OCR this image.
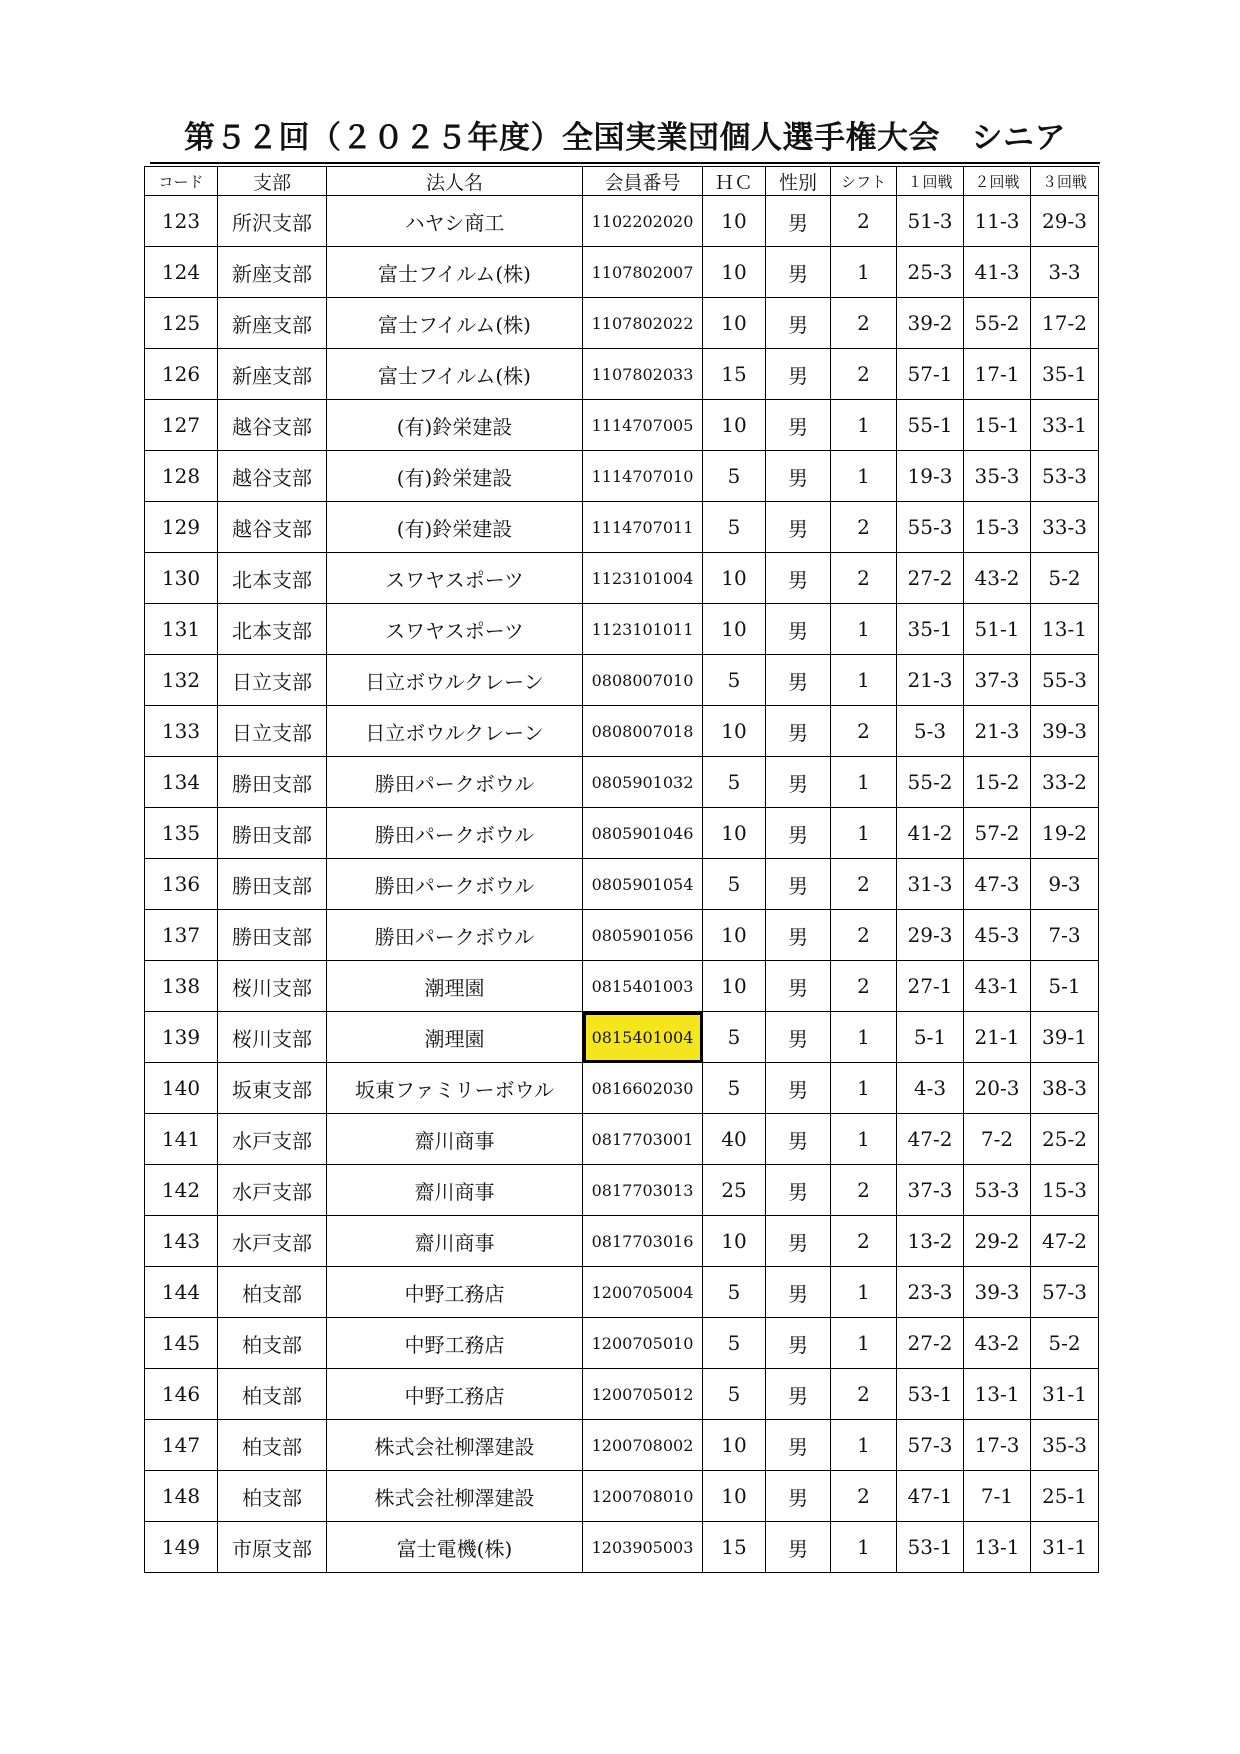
第５２回（２０２５年度）全国実業団個人選手権大会　シニア
コード	支部	法人名	会員番号	ＨＣ	性別	シフト	１回戦	２回戦	３回戦
123	所沢支部	ハヤシ商工	1102202020	10	男	2	51-3	11-3	29-3
124	新座支部	富士フイルム(株)	1107802007	10	男	1	25-3	41-3	3-3
125	新座支部	富士フイルム(株)	1107802022	10	男	2	39-2	55-2	17-2
126	新座支部	富士フイルム(株)	1107802033	15	男	2	57-1	17-1	35-1
127	越谷支部	(有)鈴栄建設	1114707005	10	男	1	55-1	15-1	33-1
128	越谷支部	(有)鈴栄建設	1114707010	5	男	1	19-3	35-3	53-3
129	越谷支部	(有)鈴栄建設	1114707011	5	男	2	55-3	15-3	33-3
130	北本支部	スワヤスポーツ	1123101004	10	男	2	27-2	43-2	5-2
131	北本支部	スワヤスポーツ	1123101011	10	男	1	35-1	51-1	13-1
132	日立支部	日立ボウルクレーン	0808007010	5	男	1	21-3	37-3	55-3
133	日立支部	日立ボウルクレーン	0808007018	10	男	2	5-3	21-3	39-3
134	勝田支部	勝田パークボウル	0805901032	5	男	1	55-2	15-2	33-2
135	勝田支部	勝田パークボウル	0805901046	10	男	1	41-2	57-2	19-2
136	勝田支部	勝田パークボウル	0805901054	5	男	2	31-3	47-3	9-3
137	勝田支部	勝田パークボウル	0805901056	10	男	2	29-3	45-3	7-3
138	桜川支部	潮理園	0815401003	10	男	2	27-1	43-1	5-1
139	桜川支部	潮理園	0815401004	5	男	1	5-1	21-1	39-1
140	坂東支部	坂東ファミリーボウル	0816602030	5	男	1	4-3	20-3	38-3
141	水戸支部	齋川商事	0817703001	40	男	1	47-2	7-2	25-2
142	水戸支部	齋川商事	0817703013	25	男	2	37-3	53-3	15-3
143	水戸支部	齋川商事	0817703016	10	男	2	13-2	29-2	47-2
144	柏支部	中野工務店	1200705004	5	男	1	23-3	39-3	57-3
145	柏支部	中野工務店	1200705010	5	男	1	27-2	43-2	5-2
146	柏支部	中野工務店	1200705012	5	男	2	53-1	13-1	31-1
147	柏支部	株式会社柳澤建設	1200708002	10	男	1	57-3	17-3	35-3
148	柏支部	株式会社柳澤建設	1200708010	10	男	2	47-1	7-1	25-1
149	市原支部	富士電機(株)	1203905003	15	男	1	53-1	13-1	31-1
